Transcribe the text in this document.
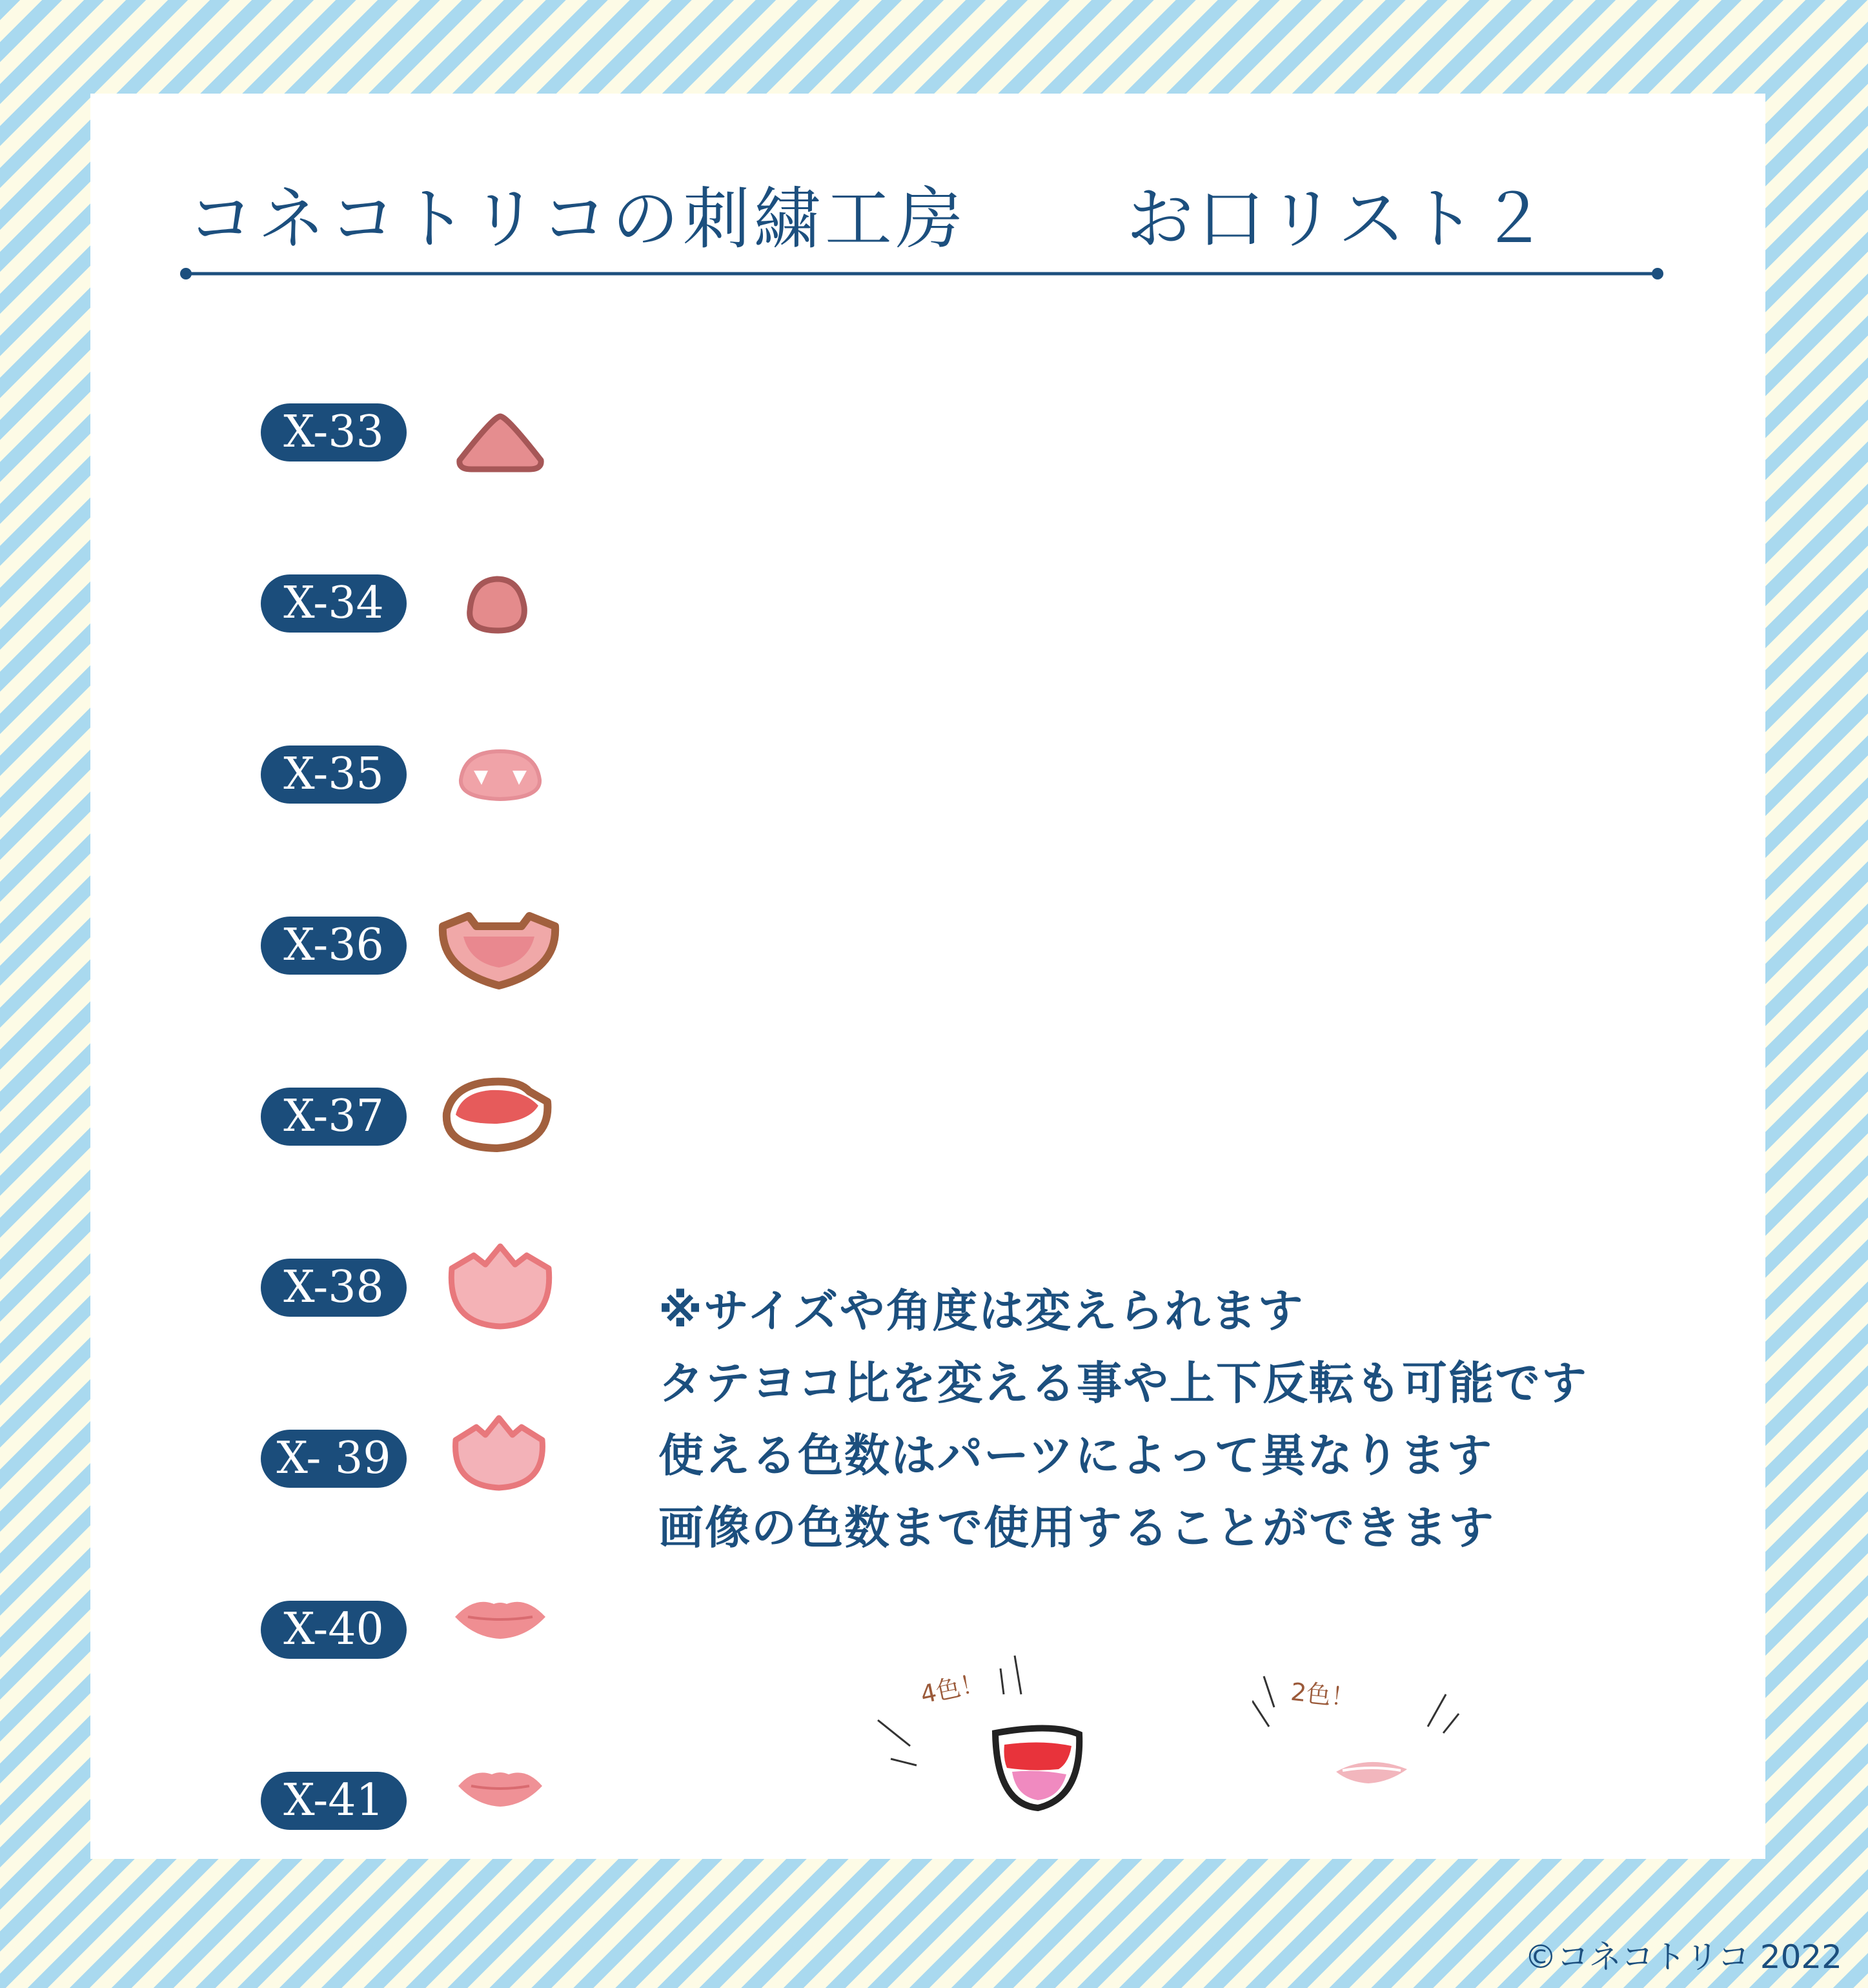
コネコトリコの刺繍工房 お口リスト２
X-33
X-34
X-35
X-36
X-37
X-38
X- 39
X-40
X-41
※サイズや角度は変えられます
タテヨコ比を変える事や上下反転も可能です
使える色数はパーツによって異なります
画像の色数まで使用することができます
4色！	2色！
©コネコトリコ 2022
